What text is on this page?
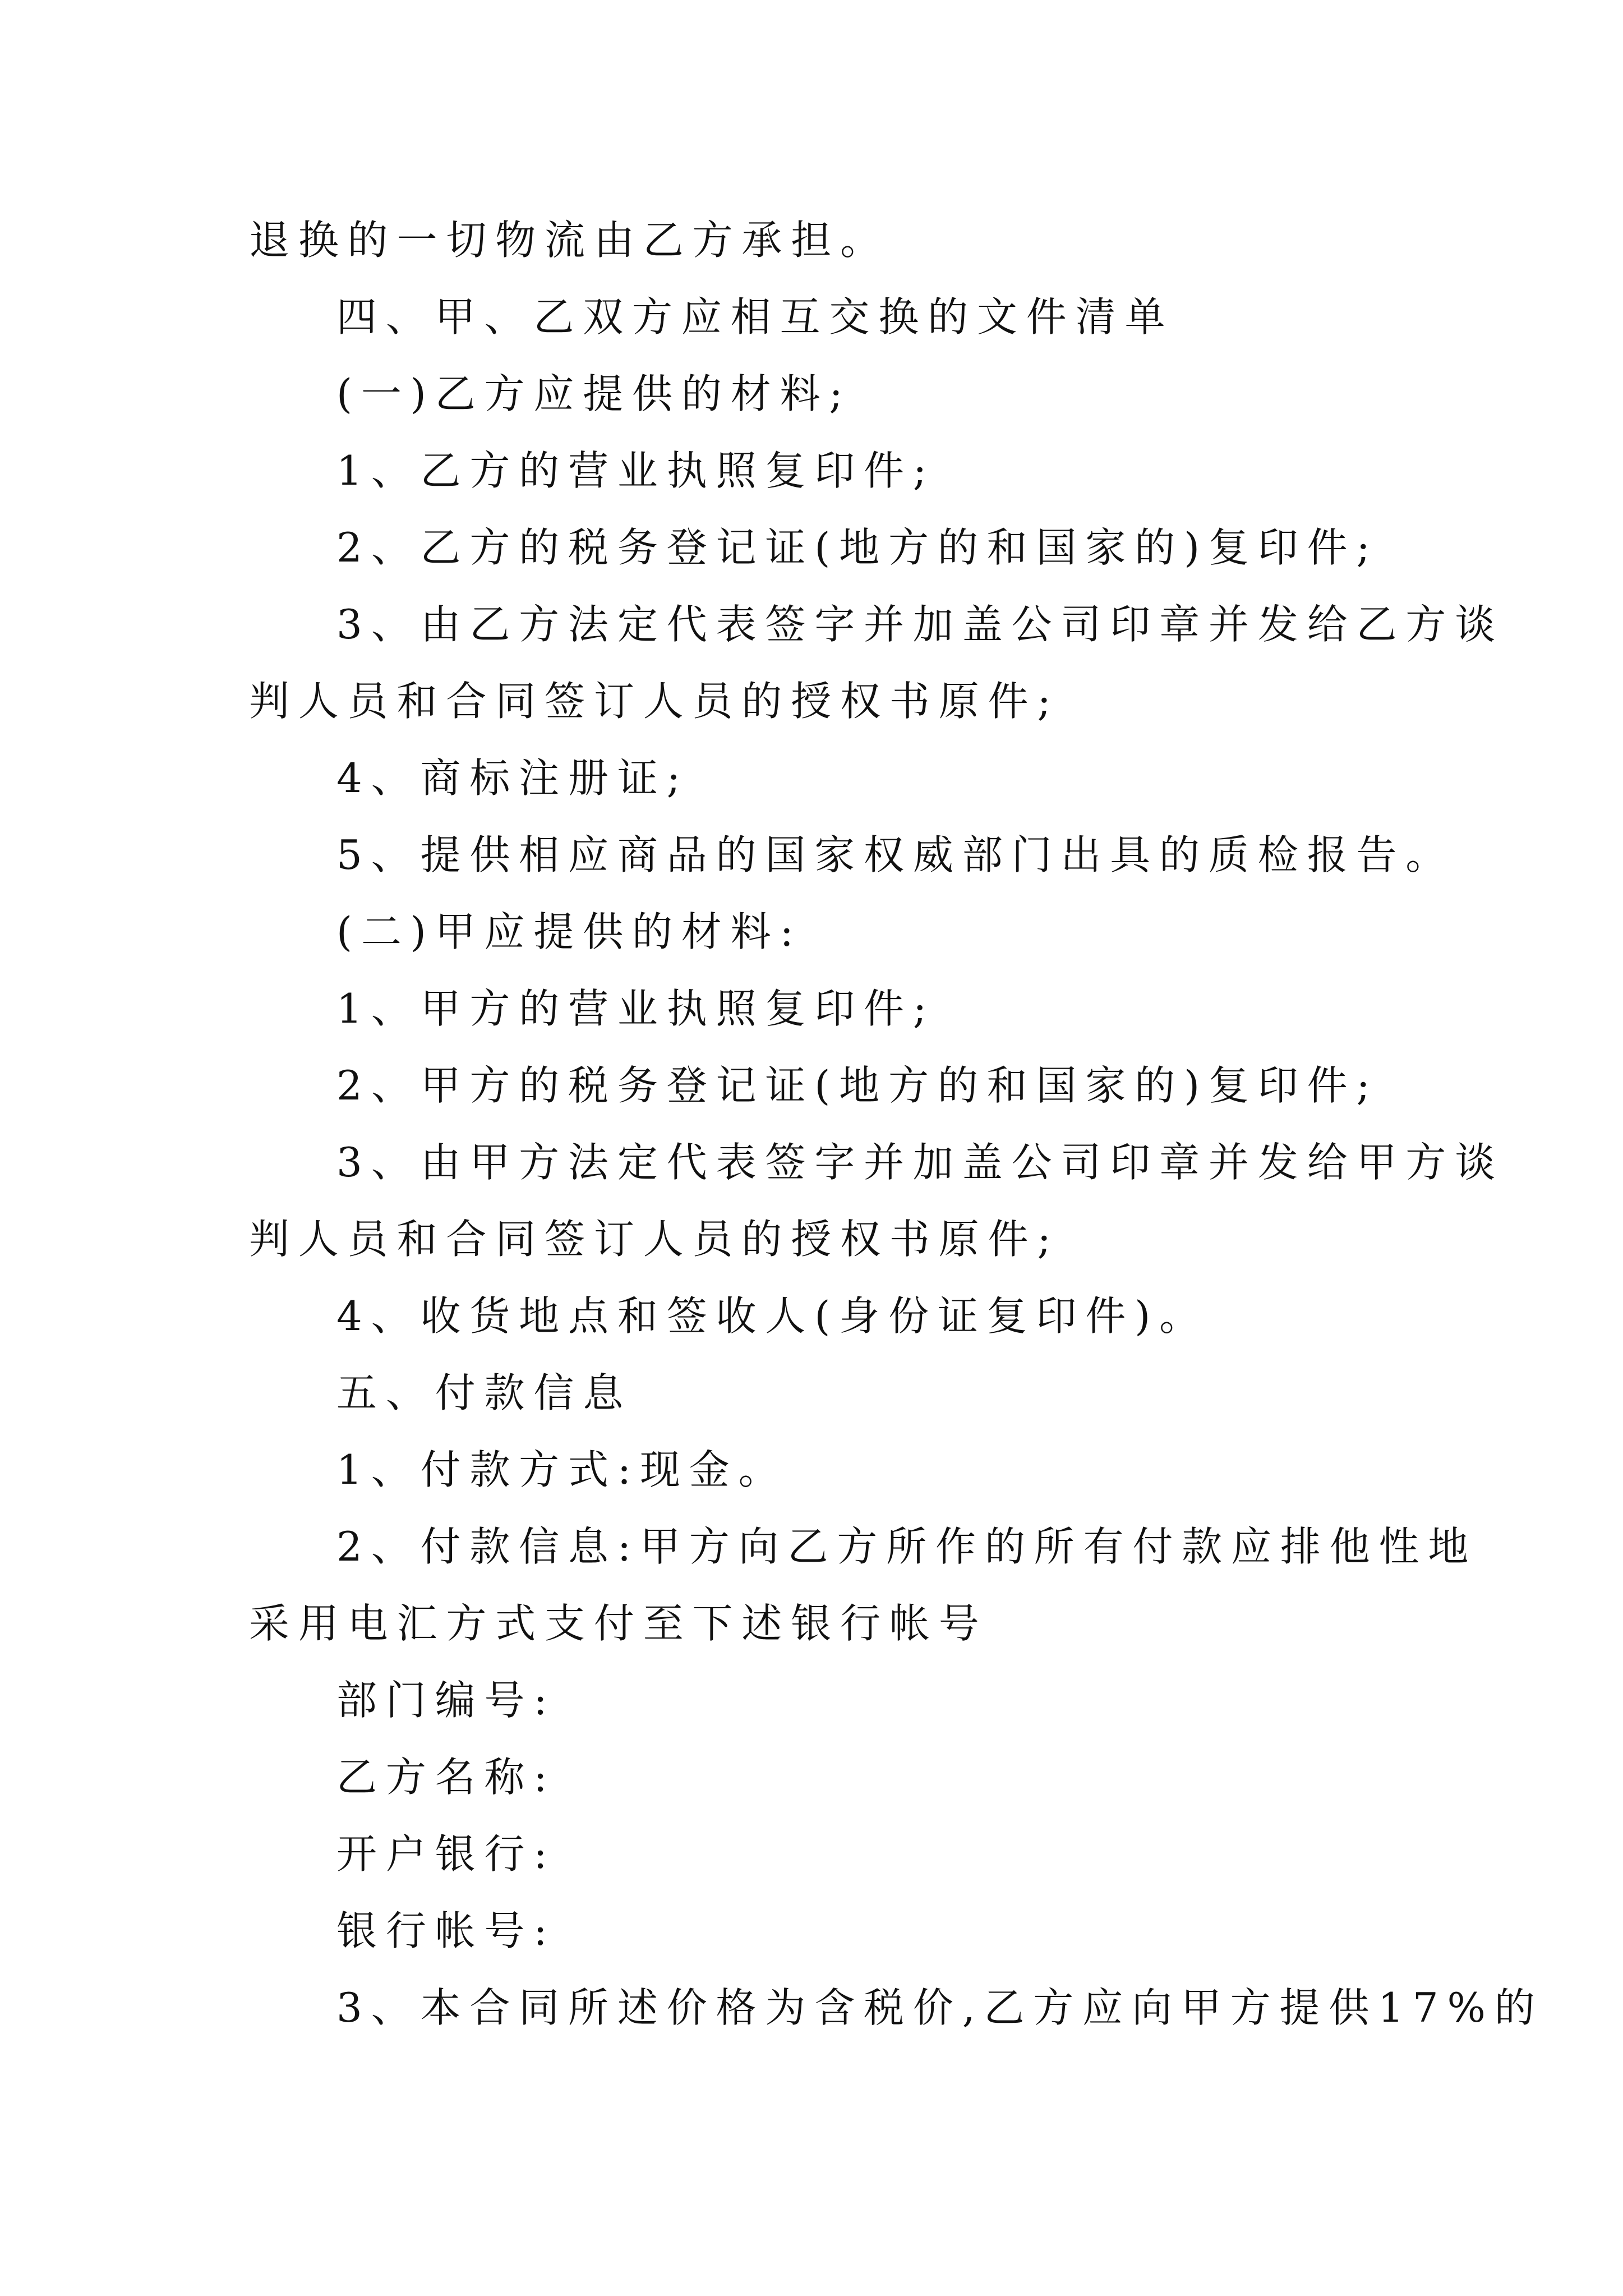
退换的一切物流由乙方承担。
四、甲、乙双方应相互交换的文件清单
(一)乙方应提供的材料;
1、乙方的营业执照复印件;
2、乙方的税务登记证(地方的和国家的)复印件;
3、由乙方法定代表签字并加盖公司印章并发给乙方谈
判人员和合同签订人员的授权书原件;
4、商标注册证;
5、提供相应商品的国家权威部门出具的质检报告。
(二)甲应提供的材料:
1、甲方的营业执照复印件;
2、甲方的税务登记证(地方的和国家的)复印件;
3、由甲方法定代表签字并加盖公司印章并发给甲方谈
判人员和合同签订人员的授权书原件;
4、收货地点和签收人(身份证复印件)。
五、付款信息
1、付款方式:现金。
2、付款信息:甲方向乙方所作的所有付款应排他性地
采用电汇方式支付至下述银行帐号
部门编号:
乙方名称:
开户银行:
银行帐号:
3、本合同所述价格为含税价,乙方应向甲方提供17%的
